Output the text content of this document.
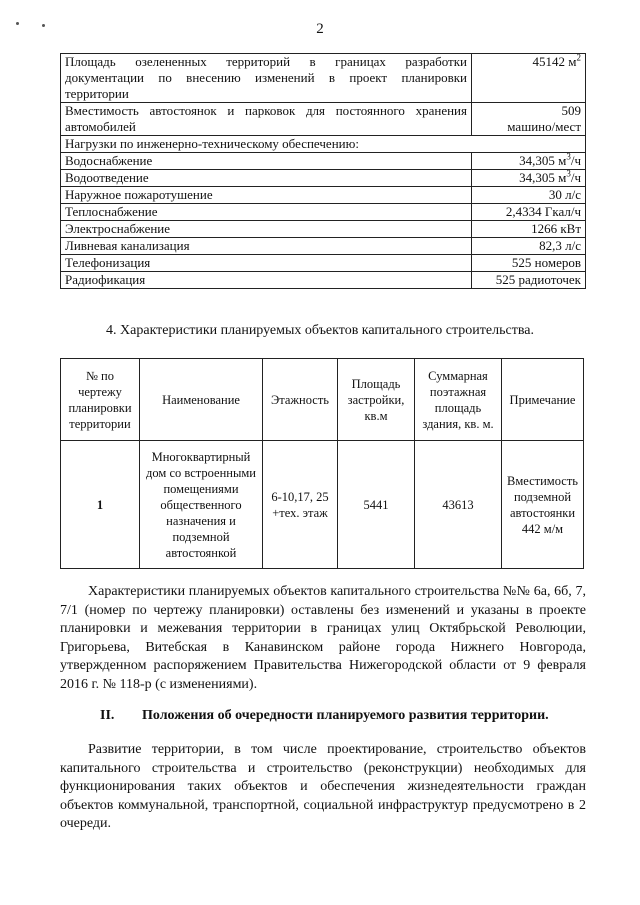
2
Площадь озелененных территорий в границах разработки документации по внесению изменений в проект планировки территории	45142 $м^2$
Вместимость автостоянок и парковок для постоянного хранения автомобилей	509
машино/мест

Нагрузки по инженерно-техническому обеспечению:	
Водоснабжение	34,305 $м^3/ч$
Водоотведение	34,305 $м^3/ч$
Наружное пожаротушение	30 л/с
Теплоснабжение	2,4334 Гкал/ч
Электроснабжение	1266 кВт
Ливневая канализация	82,3 л/с
Телефонизация	525 номеров
Радиофикация	525 радиоточек
4. Характеристики планируемых объектов капитального строительства.
№ по чертежу планировки территории	Наименование	Этажность	Площадь застройки, кв.м	Суммарная поэтажная площадь здания, кв. м.	Примечание
1	Многоквартирный дом со встроенными помещениями общественного назначения и подземной автостоянкой	6-10,17, 25 +тех. этаж	5441	43613	Вместимость подземной автостоянки 442 м/м
Характеристики планируемых объектов капитального строительства №№ 6а, 6б, 7, 7/1 (номер по чертежу планировки) оставлены без изменений и указаны в проекте планировки и межевания территории в границах улиц Октябрьской Революции, Григорьева, Витебская в Канавинском районе города Нижнего Новгорода, утвержденном распоряжением Правительства Нижегородской области от 9 февраля 2016 г. № 118-р (с изменениями).
II. Положения об очередности планируемого развития территории.
Развитие территории, в том числе проектирование, строительство объектов капитального строительства и строительство (реконструкции) необходимых для функционирования таких объектов и обеспечения жизнедеятельности граждан объектов коммунальной, транспортной, социальной инфраструктур предусмотрено в 2 очереди.
